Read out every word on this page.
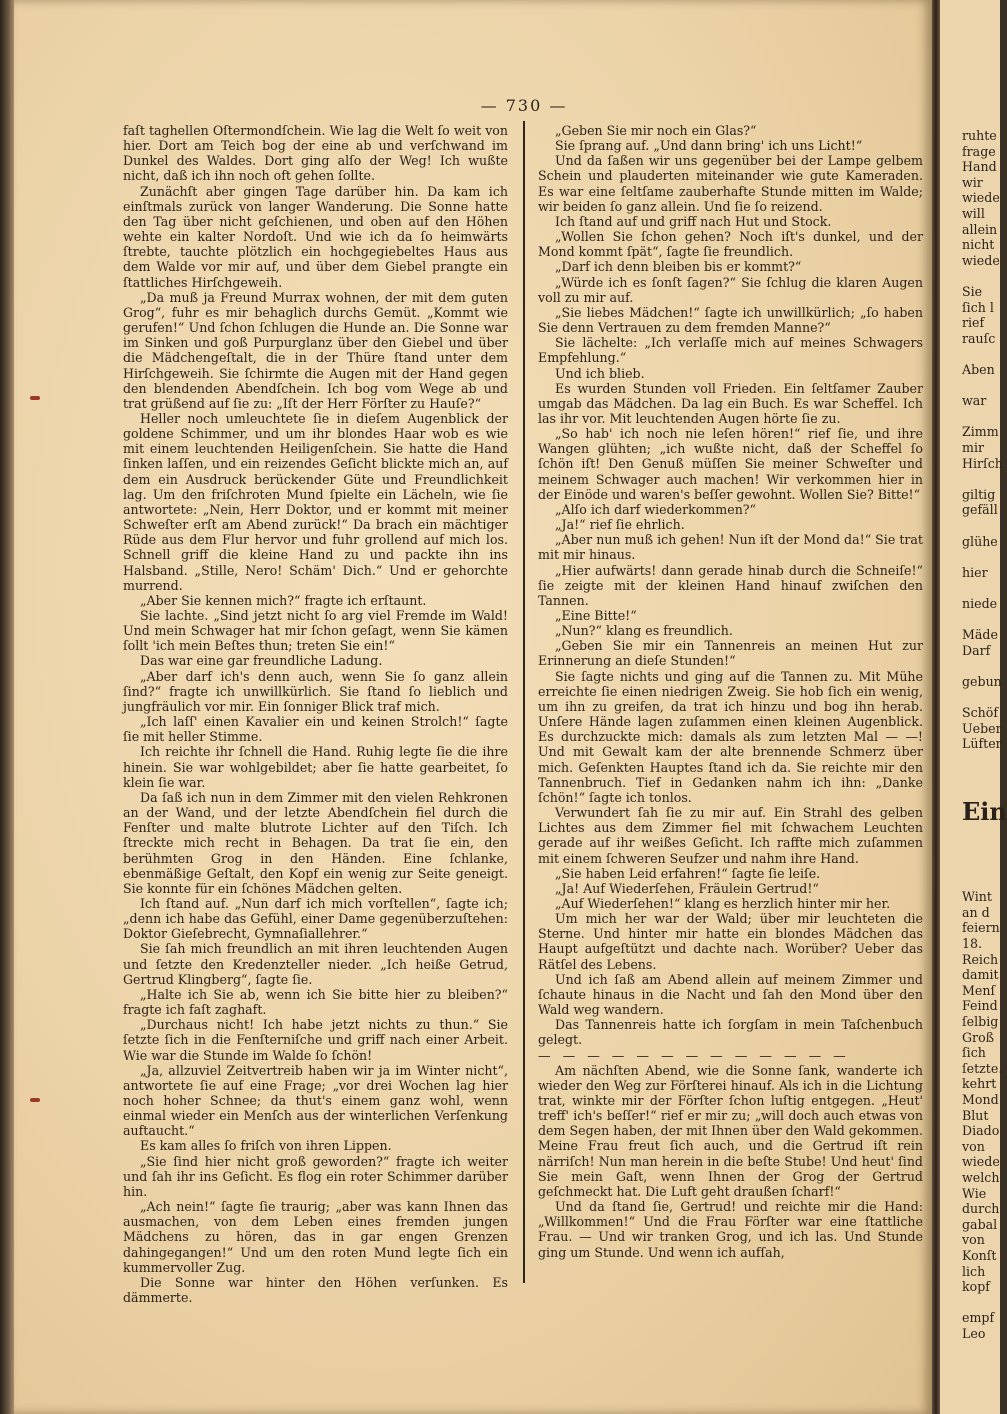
— 730 —

faſt taghellen Oſtermondſchein. Wie lag die Welt ſo weit von hier. Dort am Teich bog der eine ab und verſchwand im Dunkel des Waldes. Dort ging alſo der Weg! Ich wußte nicht, daß ich ihn noch oft gehen ſollte.

Zunächſt aber gingen Tage darüber hin. Da kam ich einſtmals zurück von langer Wanderung. Die Sonne hatte den Tag über nicht geſchienen, und oben auf den Höhen wehte ein kalter Nordoſt. Und wie ich da ſo heimwärts ſtrebte, tauchte plötzlich ein hochgegiebeltes Haus aus dem Walde vor mir auf, und über dem Giebel prangte ein ſtattliches Hirſchgeweih.

„Da muß ja Freund Murrax wohnen, der mit dem guten Grog“, fuhr es mir behaglich durchs Gemüt. „Kommt wie gerufen!“ Und ſchon ſchlugen die Hunde an. Die Sonne war im Sinken und goß Purpurglanz über den Giebel und über die Mädchengeſtalt, die in der Thüre ſtand unter dem Hirſchgeweih. Sie ſchirmte die Augen mit der Hand gegen den blendenden Abendſchein. Ich bog vom Wege ab und trat grüßend auf ſie zu: „Iſt der Herr Förſter zu Hauſe?“

Heller noch umleuchtete ſie in dieſem Augenblick der goldene Schimmer, und um ihr blondes Haar wob es wie mit einem leuchtenden Heiligenſchein. Sie hatte die Hand ſinken laſſen, und ein reizendes Geſicht blickte mich an, auf dem ein Ausdruck berückender Güte und Freundlichkeit lag. Um den friſchroten Mund ſpielte ein Lächeln, wie ſie antwortete: „Nein, Herr Doktor, und er kommt mit meiner Schweſter erſt am Abend zurück!“ Da brach ein mächtiger Rüde aus dem Flur hervor und fuhr grollend auf mich los. Schnell griff die kleine Hand zu und packte ihn ins Halsband. „Stille, Nero! Schäm' Dich.“ Und er gehorchte murrend.

„Aber Sie kennen mich?“ fragte ich erſtaunt.

Sie lachte. „Sind jetzt nicht ſo arg viel Fremde im Wald! Und mein Schwager hat mir ſchon geſagt, wenn Sie kämen ſollt 'ich mein Beſtes thun; treten Sie ein!“

Das war eine gar freundliche Ladung.

„Aber darf ich's denn auch, wenn Sie ſo ganz allein ſind?“ fragte ich unwillkürlich. Sie ſtand ſo lieblich und jungfräulich vor mir. Ein ſonniger Blick traf mich.

„Ich laſſ' einen Kavalier ein und keinen Strolch!“ ſagte ſie mit heller Stimme.

Ich reichte ihr ſchnell die Hand. Ruhig legte ſie die ihre hinein. Sie war wohlgebildet; aber ſie hatte gearbeitet, ſo klein ſie war.

Da ſaß ich nun in dem Zimmer mit den vielen Rehkronen an der Wand, und der letzte Abendſchein fiel durch die Fenſter und malte blutrote Lichter auf den Tiſch. Ich ſtreckte mich recht in Behagen. Da trat ſie ein, den berühmten Grog in den Händen. Eine ſchlanke, ebenmäßige Geſtalt, den Kopf ein wenig zur Seite geneigt. Sie konnte für ein ſchönes Mädchen gelten.

Ich ſtand auf. „Nun darf ich mich vorſtellen“, ſagte ich; „denn ich habe das Gefühl, einer Dame gegenüberzuſtehen: Doktor Gieſebrecht, Gymnaſiallehrer.“

Sie ſah mich freundlich an mit ihren leuchtenden Augen und ſetzte den Kredenzteller nieder. „Ich heiße Getrud, Gertrud Klingberg“, ſagte ſie.

„Halte ich Sie ab, wenn ich Sie bitte hier zu bleiben?“ fragte ich faſt zaghaft.

„Durchaus nicht! Ich habe jetzt nichts zu thun.“ Sie ſetzte ſich in die Fenſterniſche und griff nach einer Arbeit. Wie war die Stunde im Walde ſo ſchön!

„Ja, allzuviel Zeitvertreib haben wir ja im Winter nicht“, antwortete ſie auf eine Frage; „vor drei Wochen lag hier noch hoher Schnee; da thut's einem ganz wohl, wenn einmal wieder ein Menſch aus der winterlichen Verſenkung auftaucht.“

Es kam alles ſo friſch von ihren Lippen.

„Sie ſind hier nicht groß geworden?“ fragte ich weiter und ſah ihr ins Geſicht. Es flog ein roter Schimmer darüber hin.

„Ach nein!“ ſagte ſie traurig; „aber was kann Ihnen das ausmachen, von dem Leben eines fremden jungen Mädchens zu hören, das in gar engen Grenzen dahingegangen!“ Und um den roten Mund legte ſich ein kummervoller Zug.

Die Sonne war hinter den Höhen verſunken. Es dämmerte.

„Geben Sie mir noch ein Glas?“

Sie ſprang auf. „Und dann bring' ich uns Licht!“

Und da ſaßen wir uns gegenüber bei der Lampe gelbem Schein und plauderten miteinander wie gute Kameraden. Es war eine ſeltſame zauberhafte Stunde mitten im Walde; wir beiden ſo ganz allein. Und ſie ſo reizend.

Ich ſtand auf und griff nach Hut und Stock.

„Wollen Sie ſchon gehen? Noch iſt's dunkel, und der Mond kommt ſpät“, ſagte ſie freundlich.

„Darf ich denn bleiben bis er kommt?“

„Würde ich es ſonſt ſagen?“ Sie ſchlug die klaren Augen voll zu mir auf.

„Sie liebes Mädchen!“ ſagte ich unwillkürlich; „ſo haben Sie denn Vertrauen zu dem fremden Manne?“

Sie lächelte: „Ich verlaſſe mich auf meines Schwagers Empfehlung.“

Und ich blieb.

Es wurden Stunden voll Frieden. Ein ſeltſamer Zauber umgab das Mädchen. Da lag ein Buch. Es war Scheffel. Ich las ihr vor. Mit leuchtenden Augen hörte ſie zu.

„So hab' ich noch nie leſen hören!“ rief ſie, und ihre Wangen glühten; „ich wußte nicht, daß der Scheffel ſo ſchön iſt! Den Genuß müſſen Sie meiner Schweſter und meinem Schwager auch machen! Wir verkommen hier in der Einöde und waren's beſſer gewohnt. Wollen Sie? Bitte!“

„Alſo ich darf wiederkommen?“

„Ja!“ rief ſie ehrlich.

„Aber nun muß ich gehen! Nun iſt der Mond da!“ Sie trat mit mir hinaus.

„Hier aufwärts! dann gerade hinab durch die Schneiſe!“ ſie zeigte mit der kleinen Hand hinauf zwiſchen den Tannen.

„Eine Bitte!“

„Nun?“ klang es freundlich.

„Geben Sie mir ein Tannenreis an meinen Hut zur Erinnerung an dieſe Stunden!“

Sie ſagte nichts und ging auf die Tannen zu. Mit Mühe erreichte ſie einen niedrigen Zweig. Sie hob ſich ein wenig, um ihn zu greifen, da trat ich hinzu und bog ihn herab. Unſere Hände lagen zuſammen einen kleinen Augenblick. Es durchzuckte mich: damals als zum letzten Mal — —! Und mit Gewalt kam der alte brennende Schmerz über mich. Geſenkten Hauptes ſtand ich da. Sie reichte mir den Tannenbruch. Tief in Gedanken nahm ich ihn: „Danke ſchön!“ ſagte ich tonlos.

Verwundert ſah ſie zu mir auf. Ein Strahl des gelben Lichtes aus dem Zimmer fiel mit ſchwachem Leuchten gerade auf ihr weißes Geſicht. Ich raffte mich zuſammen mit einem ſchweren Seufzer und nahm ihre Hand.

„Sie haben Leid erfahren!“ ſagte ſie leiſe.

„Ja! Auf Wiederſehen, Fräulein Gertrud!“

„Auf Wiederſehen!“ klang es herzlich hinter mir her.

Um mich her war der Wald; über mir leuchteten die Sterne. Und hinter mir hatte ein blondes Mädchen das Haupt aufgeſtützt und dachte nach. Worüber? Ueber das Rätſel des Lebens.

Und ich ſaß am Abend allein auf meinem Zimmer und ſchaute hinaus in die Nacht und ſah den Mond über den Wald weg wandern.

Das Tannenreis hatte ich ſorgſam in mein Taſchenbuch gelegt.

— — — — — — — — — — — — —

Am nächſten Abend, wie die Sonne ſank, wanderte ich wieder den Weg zur Förſterei hinauf. Als ich in die Lichtung trat, winkte mir der Förſter ſchon luſtig entgegen. „Heut' treff' ich's beſſer!“ rief er mir zu; „will doch auch etwas von dem Segen haben, der mit Ihnen über den Wald gekommen. Meine Frau freut ſich auch, und die Gertrud iſt rein närriſch! Nun man herein in die beſte Stube! Und heut' ſind Sie mein Gaſt, wenn Ihnen der Grog der Gertrud geſchmeckt hat. Die Luft geht draußen ſcharf!“

Und da ſtand ſie, Gertrud! und reichte mir die Hand: „Willkommen!“ Und die Frau Förſter war eine ſtattliche Frau. — Und wir tranken Grog, und ich las. Und Stunde ging um Stunde. Und wenn ich aufſah,

ruhte
frage
Hand
wir
wiede
will
allein
nicht
wiede
Sie
ſich l
rief
rauſc
Aben
war
Zimm
mir
Hirſch
giltig
gefäll
glühe
hier
niede
Mäde
Darf
gebun
Schöf
Ueber
Lüfter
Ein
Wint
an d
feiern
18.
Reich
damit
Menſ
Feind
ſelbig
Groß
ſich
ſetzte.
kehrt
Mond
Blut
Diado
von
wiede
welch
Wie
durch
gabal
von
Konſt
lich
kopf
empf
Leo
